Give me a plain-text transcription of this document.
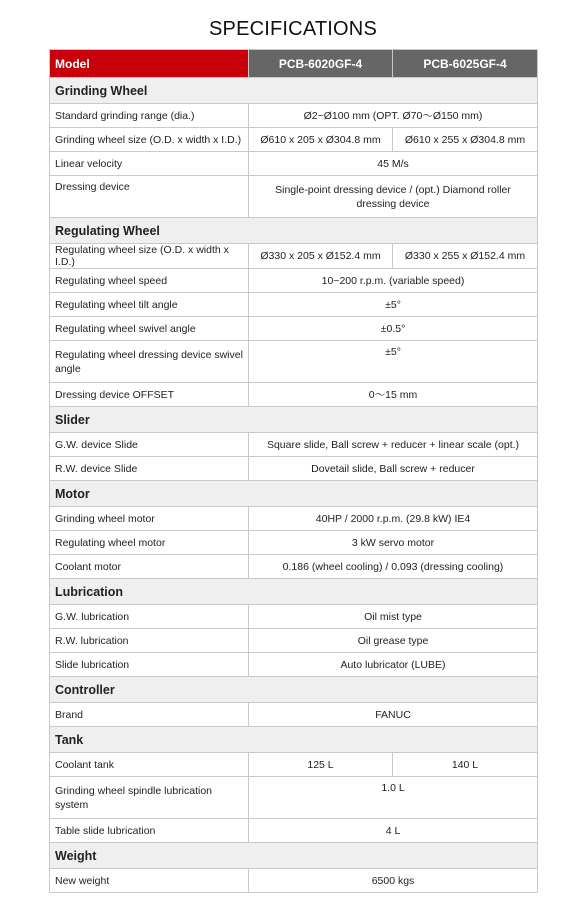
SPECIFICATIONS
Model	PCB-6020GF-4	PCB-6025GF-4
Grinding Wheel		
Standard grinding range (dia.)	Ø2~Ø100 mm (OPT. Ø70～Ø150 mm)	
Grinding wheel size (O.D. x width x I.D.)	Ø610 x 205 x Ø304.8 mm	Ø610 x 255 x Ø304.8 mm
Linear velocity	45 M/s	
Dressing device	Single-point dressing device / (opt.) Diamond roller dressing device	
Regulating Wheel		
Regulating wheel size (O.D. x width x I.D.)	Ø330 x 205 x Ø152.4 mm	Ø330 x 255 x Ø152.4 mm
Regulating wheel speed	10~200 r.p.m. (variable speed)	
Regulating wheel tilt angle	±5°	
Regulating wheel swivel angle	±0.5°	
Regulating wheel dressing device swivel angle	±5°	
Dressing device OFFSET	0～15 mm	
Slider		
G.W. device Slide	Square slide, Ball screw + reducer + linear scale (opt.)	
R.W. device Slide	Dovetail slide, Ball screw + reducer	
Motor		
Grinding wheel motor	40HP / 2000 r.p.m. (29.8 kW) IE4	
Regulating wheel motor	3 kW servo motor	
Coolant motor	0.186 (wheel cooling) / 0.093 (dressing cooling)	
Lubrication		
G.W. lubrication	Oil mist type	
R.W. lubrication	Oil grease type	
Slide lubrication	Auto lubricator (LUBE)	
Controller		
Brand	FANUC	
Tank		
Coolant tank	125 L	140 L
Grinding wheel spindle lubrication system	1.0 L	
Table slide lubrication	4 L	
Weight		
New weight	6500 kgs	
